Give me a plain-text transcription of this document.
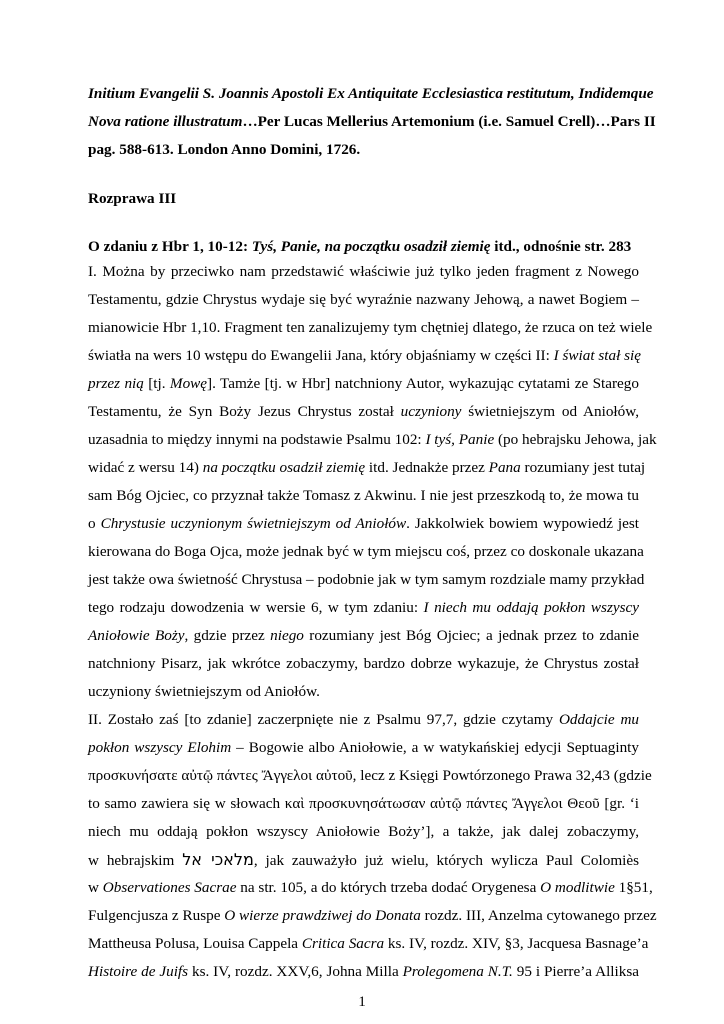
Initium Evangelii S. Joannis Apostoli Ex Antiquitate Ecclesiastica restitutum, Indidemque
Nova ratione illustratum…Per Lucas Mellerius Artemonium (i.e. Samuel Crell)…Pars II
pag. 588-613. London Anno Domini, 1726.
Rozprawa III
O zdaniu z Hbr 1, 10-12: Tyś, Panie, na początku osadził ziemię itd., odnośnie str. 283
I. Można by przeciwko nam przedstawić właściwie już tylko jeden fragment z Nowego
Testamentu, gdzie Chrystus wydaje się być wyraźnie nazwany Jehową, a nawet Bogiem –
mianowicie Hbr 1,10. Fragment ten zanalizujemy tym chętniej dlatego, że rzuca on też wiele
światła na wers 10 wstępu do Ewangelii Jana, który objaśniamy w części II: I świat stał się
przez nią [tj. Mowę]. Tamże [tj. w Hbr] natchniony Autor, wykazując cytatami ze Starego
Testamentu, że Syn Boży Jezus Chrystus został uczyniony świetniejszym od Aniołów,
uzasadnia to między innymi na podstawie Psalmu 102: I tyś, Panie (po hebrajsku Jehowa, jak
widać z wersu 14) na początku osadził ziemię itd. Jednakże przez Pana rozumiany jest tutaj
sam Bóg Ojciec, co przyznał także Tomasz z Akwinu. I nie jest przeszkodą to, że mowa tu
o Chrystusie uczynionym świetniejszym od Aniołów. Jakkolwiek bowiem wypowiedź jest
kierowana do Boga Ojca, może jednak być w tym miejscu coś, przez co doskonale ukazana
jest także owa świetność Chrystusa – podobnie jak w tym samym rozdziale mamy przykład
tego rodzaju dowodzenia w wersie 6, w tym zdaniu: I niech mu oddają pokłon wszyscy
Aniołowie Boży, gdzie przez niego rozumiany jest Bóg Ojciec; a jednak przez to zdanie
natchniony Pisarz, jak wkrótce zobaczymy, bardzo dobrze wykazuje, że Chrystus został
uczyniony świetniejszym od Aniołów.
II. Zostało zaś [to zdanie] zaczerpnięte nie z Psalmu 97,7, gdzie czytamy Oddajcie mu
pokłon wszyscy Elohim – Bogowie albo Aniołowie, a w watykańskiej edycji Septuaginty
προσκυνήσατε αὐτῷ πάντες Ἄγγελοι αὐτοῦ, lecz z Księgi Powtórzonego Prawa 32,43 (gdzie
to samo zawiera się w słowach καὶ προσκυνησάτωσαν αὐτῷ πάντες Ἄγγελοι Θεοῦ [gr. ‘i
niech mu oddają pokłon wszyscy Aniołowie Boży’], a także, jak dalej zobaczymy,
w hebrajskim מלאכי אל, jak zauważyło już wielu, których wylicza Paul Colomiès
w Observationes Sacrae na str. 105, a do których trzeba dodać Orygenesa O modlitwie 1§51,
Fulgencjusza z Ruspe O wierze prawdziwej do Donata rozdz. III, Anzelma cytowanego przez
Mattheusa Polusa, Louisa Cappela Critica Sacra ks. IV, rozdz. XIV, §3, Jacquesa Basnage’a
Histoire de Juifs ks. IV, rozdz. XXV,6, Johna Milla Prolegomena N.T. 95 i Pierre’a Alliksa
1
